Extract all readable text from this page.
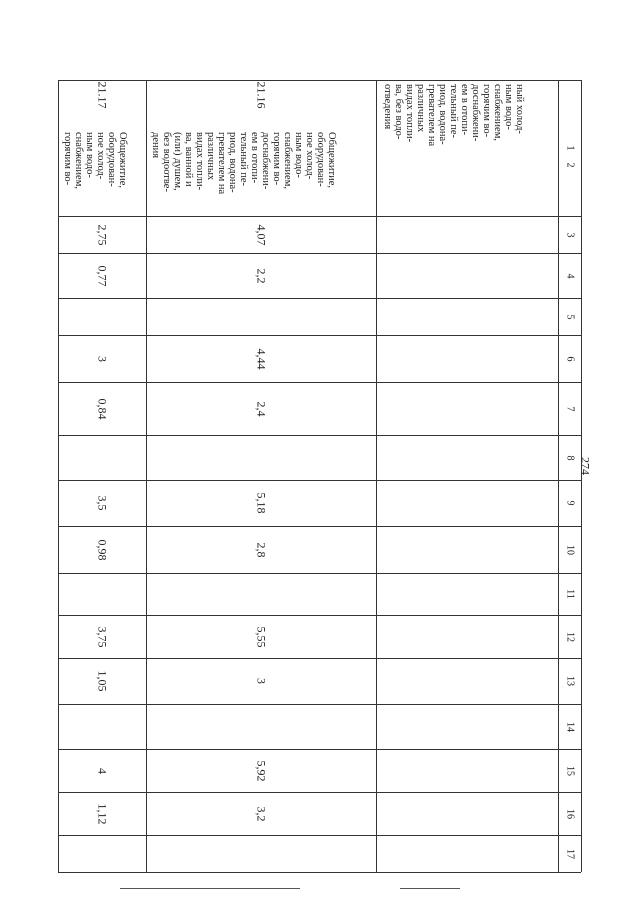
274
1
2
3
4
5
6
7
8
9
10
11
12
13
14
15
16
17
ный холод-
ным водо-
снабжением,
горячим во-
доснабжени-
ем в отопи-
тельный пе-
риод, водона-
гревателем на
различных
видах топли-
ва, без водо-
отведения
21.16
Общежитие,
оборудован-
ное холод-
ным водо-
снабжением,
горячим во-
доснабжени-
ем в отопи-
тельный пе-
риод, водона-
гревателем на
различных
видах топли-
ва, ванной и
(или) душем,
без водоотве-
дения
21.17
Общежитие,
оборудован-
ное холод-
ным водо-
снабжением,
горячим во-
4,07
2,2
4,44
2,4
5,18
2,8
5,55
3
5,92
3,2
2,75
0,77
3
0,84
3,5
0,98
3,75
1,05
4
1,12
